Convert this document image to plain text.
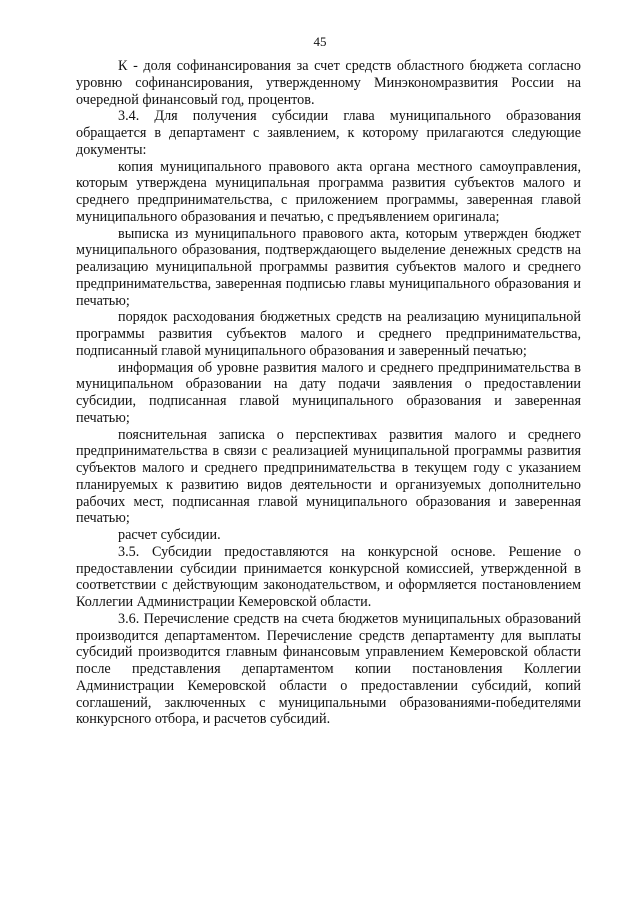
45

К - доля софинансирования за счет средств областного бюджета согласно уровню софинансирования, утвержденному Минэкономразвития России на очередной финансовый год, процентов.

3.4. Для получения субсидии глава муниципального образования обращается в департамент с заявлением, к которому прилагаются следующие документы:

копия муниципального правового акта органа местного самоуправления, которым утверждена муниципальная программа развития субъектов малого и среднего предпринимательства, с приложением программы, заверенная главой муниципального образования и печатью, с предъявлением оригинала;

выписка из муниципального правового акта, которым утвержден бюджет муниципального образования, подтверждающего выделение денежных средств на реализацию муниципальной программы развития субъектов малого и среднего предпринимательства, заверенная подписью главы муниципального образования и печатью;

порядок расходования бюджетных средств на реализацию муниципальной программы развития субъектов малого и среднего предпринимательства, подписанный главой муниципального образования и заверенный печатью;

информация об уровне развития малого и среднего предпринимательства в муниципальном образовании на дату подачи заявления о предоставлении субсидии, подписанная главой муниципального образования и заверенная печатью;

пояснительная записка о перспективах развития малого и среднего предпринимательства в связи с реализацией муниципальной программы развития субъектов малого и среднего предпринимательства в текущем году с указанием планируемых к развитию видов деятельности и организуемых дополнительно рабочих мест, подписанная главой муниципального образования и заверенная печатью;

расчет субсидии.

3.5. Субсидии предоставляются на конкурсной основе. Решение о предоставлении субсидии принимается конкурсной комиссией, утвержденной в соответствии с действующим законодательством, и оформляется постановлением Коллегии Администрации Кемеровской области.

3.6. Перечисление средств на счета бюджетов муниципальных образований производится департаментом. Перечисление средств департаменту для выплаты субсидий производится главным финансовым управлением Кемеровской области после представления департаментом копии постановления Коллегии Администрации Кемеровской области о предоставлении субсидий, копий соглашений, заключенных с муниципальными образованиями-победителями конкурсного отбора, и расчетов субсидий.
